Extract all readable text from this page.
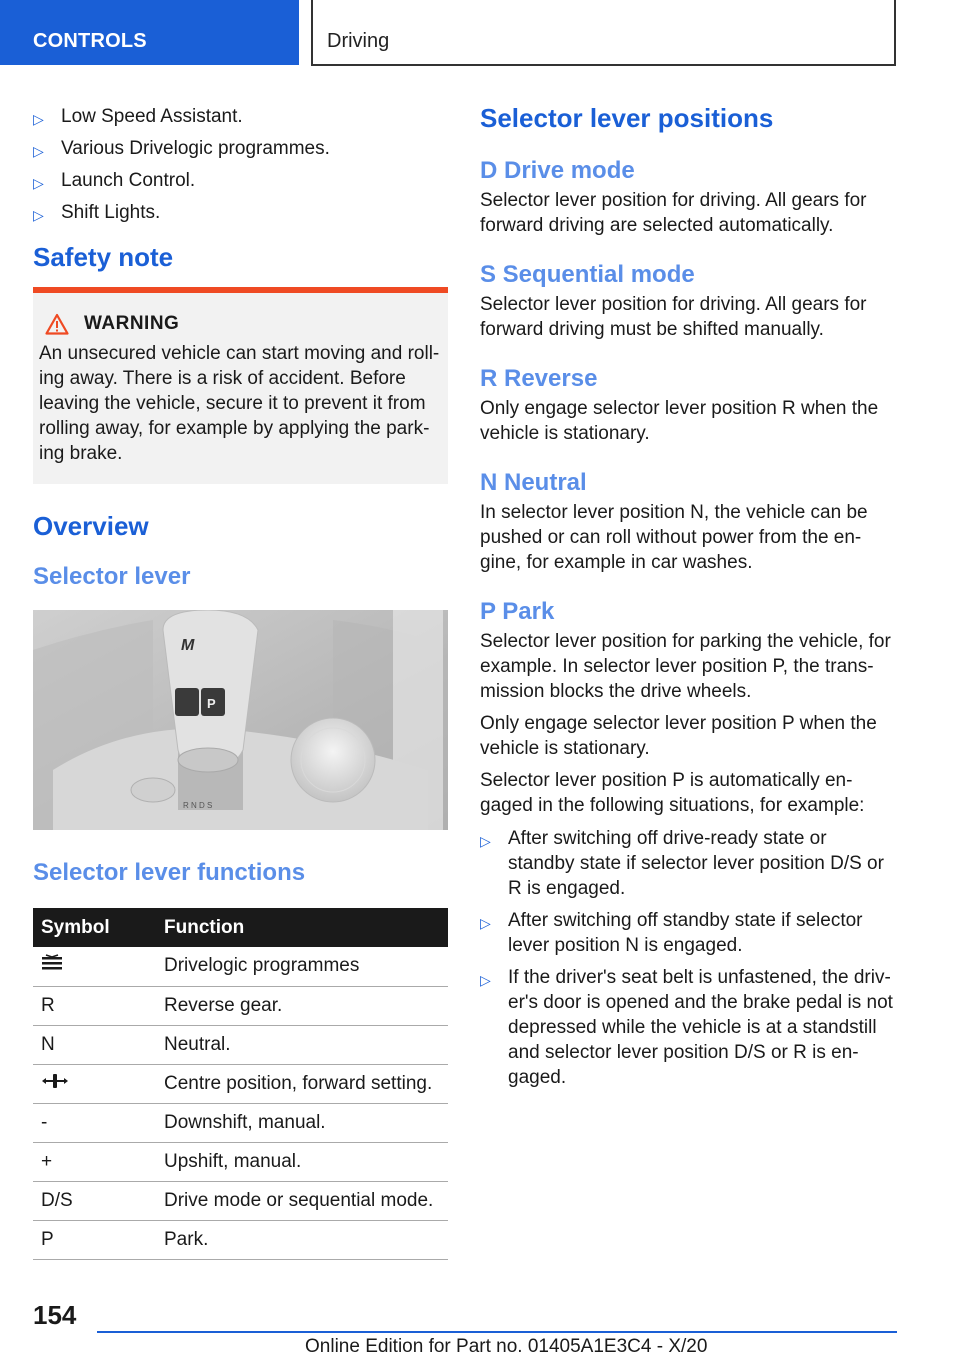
CONTROLS	Driving
▷ Low Speed Assistant.
▷ Various Drivelogic programmes.
▷ Launch Control.
▷ Shift Lights.
Safety note
WARNING
An unsecured vehicle can start moving and roll-
ing away. There is a risk of accident. Before
leaving the vehicle, secure it to prevent it from
rolling away, for example by applying the park-
ing brake.
Overview
Selector lever
M
P
R N D S
Selector lever functions
Symbol	Function
	Drivelogic programmes
R	Reverse gear.
N	Neutral.
	Centre position, forward setting.
-	Downshift, manual.
+	Upshift, manual.
D/S	Drive mode or sequential mode.
P	Park.
Selector lever positions
D Drive mode
Selector lever position for driving. All gears for
forward driving are selected automatically.
S Sequential mode
Selector lever position for driving. All gears for
forward driving must be shifted manually.
R Reverse
Only engage selector lever position R when the
vehicle is stationary.
N Neutral
In selector lever position N, the vehicle can be
pushed or can roll without power from the en-
gine, for example in car washes.
P Park
Selector lever position for parking the vehicle, for
example. In selector lever position P, the trans-
mission blocks the drive wheels.
Only engage selector lever position P when the
vehicle is stationary.
Selector lever position P is automatically en-
gaged in the following situations, for example:
▷ After switching off drive-ready state or
standby state if selector lever position D/S or
R is engaged.
▷ After switching off standby state if selector
lever position N is engaged.
▷ If the driver's seat belt is unfastened, the driv-
er's door is opened and the brake pedal is not
depressed while the vehicle is at a standstill
and selector lever position D/S or R is en-
gaged.
154
Online Edition for Part no. 01405A1E3C4 - X/20
